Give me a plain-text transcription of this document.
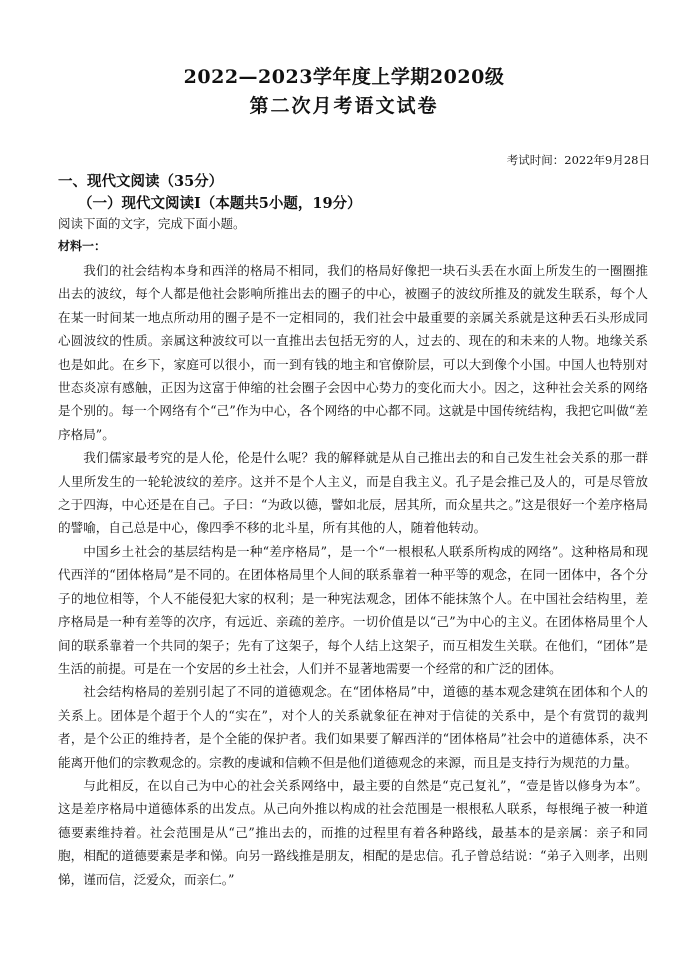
2022—2023学年度上学期2020级
第二次月考语文试卷
考试时间：2022年9月28日
一、现代文阅读（35分）
（一）现代文阅读I（本题共5小题，19分）
阅读下面的文字，完成下面小题。
材料一：

我们的社会结构本身和西洋的格局不相同，我们的格局好像把一块石头丢在水面上所发生的一圈圈推出去的波纹，每个人都是他社会影响所推出去的圈子的中心，被圈子的波纹所推及的就发生联系，每个人在某一时间某一地点所动用的圈子是不一定相同的，我们社会中最重要的亲属关系就是这种丢石头形成同心圆波纹的性质。亲属这种波纹可以一直推出去包括无穷的人，过去的、现在的和未来的人物。地缘关系也是如此。在乡下，家庭可以很小，而一到有钱的地主和官僚阶层，可以大到像个小国。中国人也特别对世态炎凉有感触，正因为这富于伸缩的社会圈子会因中心势力的变化而大小。因之，这种社会关系的网络是个别的。每一个网络有个“己”作为中心，各个网络的中心都不同。这就是中国传统结构，我把它叫做“差序格局”。

我们儒家最考究的是人伦，伦是什么呢？我的解释就是从自己推出去的和自己发生社会关系的那一群人里所发生的一轮轮波纹的差序。这并不是个人主义，而是自我主义。孔子是会推己及人的，可是尽管放之于四海，中心还是在自己。子曰：“为政以德，譬如北辰，居其所，而众星共之。”这是很好一个差序格局的譬喻，自己总是中心，像四季不移的北斗星，所有其他的人，随着他转动。

中国乡土社会的基层结构是一种“差序格局”，是一个“一根根私人联系所构成的网络”。这种格局和现代西洋的“团体格局”是不同的。在团体格局里个人间的联系靠着一种平等的观念，在同一团体中，各个分子的地位相等，个人不能侵犯大家的权利；是一种宪法观念，团体不能抹煞个人。在中国社会结构里，差序格局是一种有差等的次序，有远近、亲疏的差序。一切价值是以“己”为中心的主义。在团体格局里个人间的联系靠着一个共同的架子；先有了这架子，每个人结上这架子，而互相发生关联。在他们，“团体”是生活的前提。可是在一个安居的乡土社会，人们并不显著地需要一个经常的和广泛的团体。

社会结构格局的差别引起了不同的道德观念。在“团体格局”中，道德的基本观念建筑在团体和个人的关系上。团体是个超于个人的“实在”，对个人的关系就象征在神对于信徒的关系中，是个有赏罚的裁判者，是个公正的维持者，是个全能的保护者。我们如果要了解西洋的“团体格局”社会中的道德体系，决不能离开他们的宗教观念的。宗教的虔诚和信赖不但是他们道德观念的来源，而且是支持行为规范的力量。

与此相反，在以自己为中心的社会关系网络中，最主要的自然是“克己复礼”，“壹是皆以修身为本”。这是差序格局中道德体系的出发点。从己向外推以构成的社会范围是一根根私人联系，每根绳子被一种道德要素维持着。社会范围是从“己”推出去的，而推的过程里有着各种路线，最基本的是亲属：亲子和同胞，相配的道德要素是孝和悌。向另一路线推是朋友，相配的是忠信。孔子曾总结说：“弟子入则孝，出则悌，谨而信，泛爱众，而亲仁。”
